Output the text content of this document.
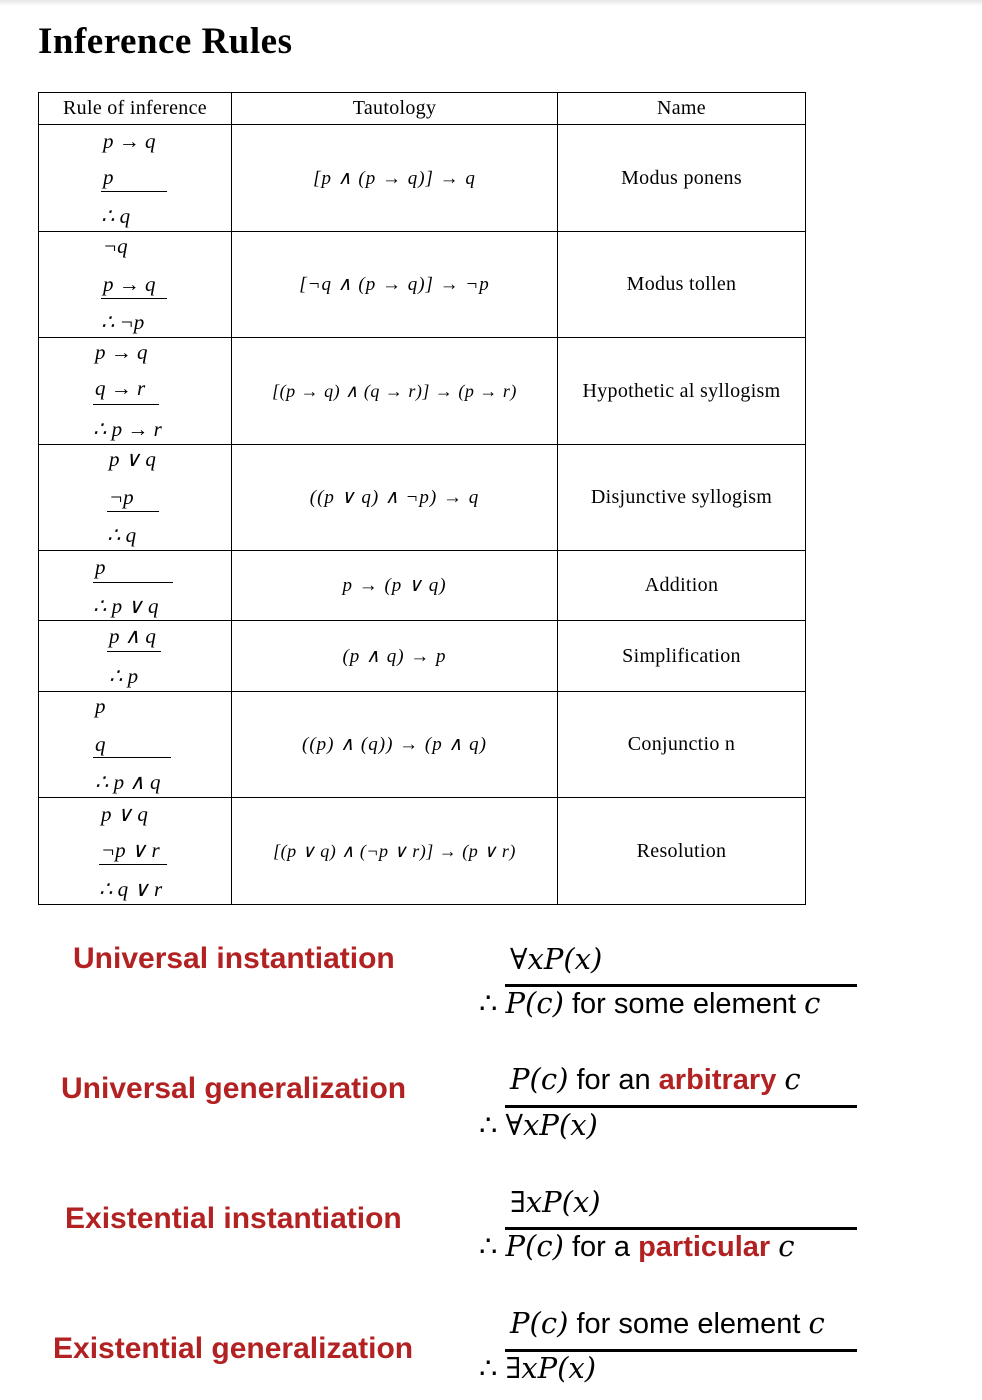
Inference Rules
Rule of inference	Tautology	Name

p → q
p
∴ q	[p ∧ (p → q)] → q	Modus ponens

¬q
p → q
∴ ¬p	[¬q ∧ (p → q)] → ¬p	Modus tollen

p → q
q → r
∴ p → r	[(p → q) ∧ (q → r)] → (p → r)	Hypothetic al syllogism

p ∨ q
¬p
∴ q	((p ∨ q) ∧ ¬p) → q	Disjunctive syllogism

p
∴ p ∨ q	p → (p ∨ q)	Addition

p ∧ q
∴ p	(p ∧ q) → p	Simplification

p
q
∴ p ∧ q	((p) ∧ (q)) → (p ∧ q)	Conjunctio n

p ∨ q
¬p ∨ r
∴ q ∨ r	[(p ∨ q) ∧ (¬p ∨ r)] → (p ∨ r)	Resolution
Universal instantiation	∀xP(x)
∴ P(c) for some element c
Universal generalization	P(c) for an arbitrary c
∴ ∀xP(x)
Existential instantiation	∃xP(x)
∴ P(c) for a particular c
Existential generalization
P(c) for some element c
∴ ∃xP(x)
